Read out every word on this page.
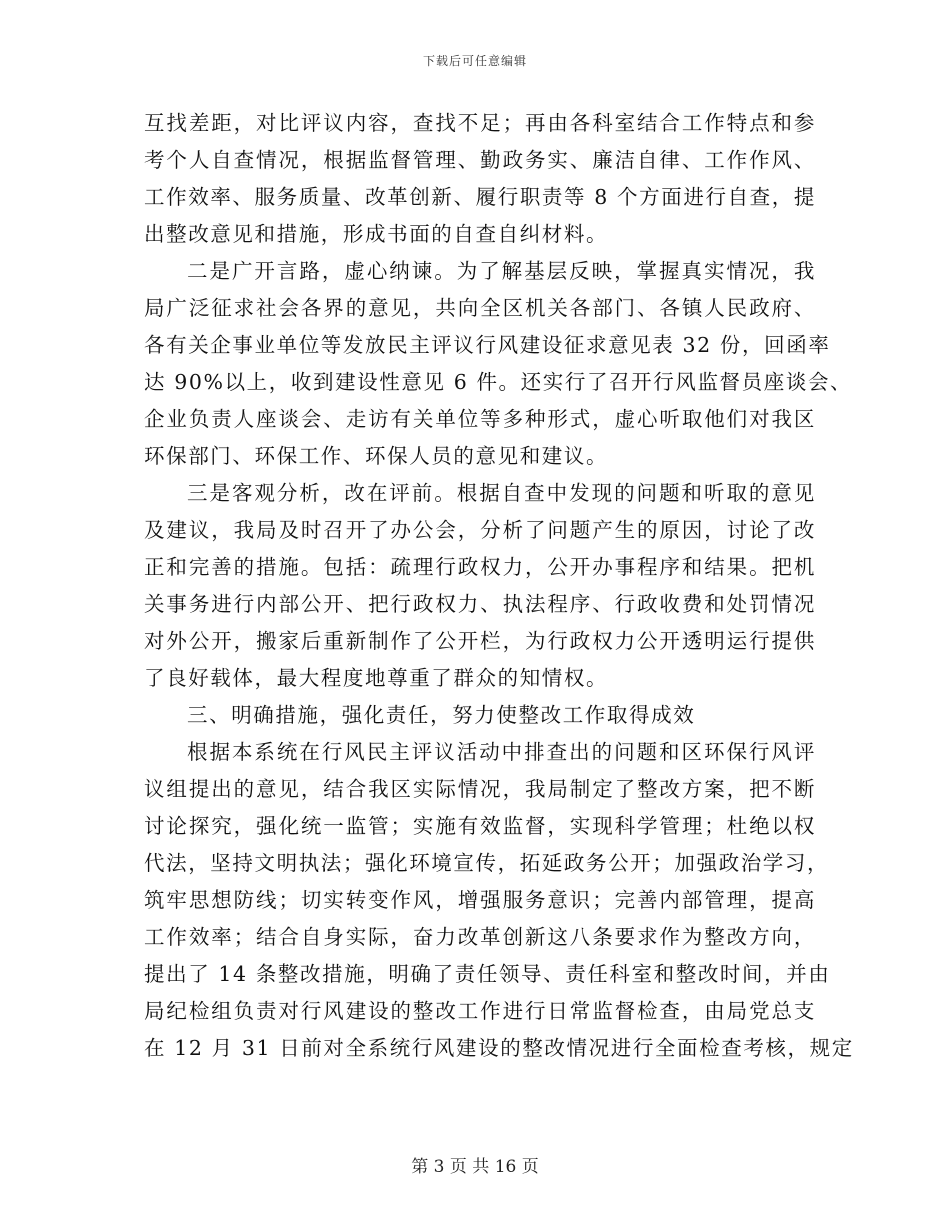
下载后可任意编辑
互找差距，对比评议内容，查找不足；再由各科室结合工作特点和参
考个人自查情况，根据监督管理、勤政务实、廉洁自律、工作作风、
工作效率、服务质量、改革创新、履行职责等 8 个方面进行自查，提
出整改意见和措施，形成书面的自查自纠材料。
二是广开言路，虚心纳谏。为了解基层反映，掌握真实情况，我
局广泛征求社会各界的意见，共向全区机关各部门、各镇人民政府、
各有关企事业单位等发放民主评议行风建设征求意见表 32 份，回函率
达 90%以上，收到建设性意见 6 件。还实行了召开行风监督员座谈会、
企业负责人座谈会、走访有关单位等多种形式，虚心听取他们对我区
环保部门、环保工作、环保人员的意见和建议。
三是客观分析，改在评前。根据自查中发现的问题和听取的意见
及建议，我局及时召开了办公会，分析了问题产生的原因，讨论了改
正和完善的措施。包括：疏理行政权力，公开办事程序和结果。把机
关事务进行内部公开、把行政权力、执法程序、行政收费和处罚情况
对外公开，搬家后重新制作了公开栏，为行政权力公开透明运行提供
了良好载体，最大程度地尊重了群众的知情权。
三、明确措施，强化责任，努力使整改工作取得成效
根据本系统在行风民主评议活动中排查出的问题和区环保行风评
议组提出的意见，结合我区实际情况，我局制定了整改方案，把不断
讨论探究，强化统一监管；实施有效监督，实现科学管理；杜绝以权
代法，坚持文明执法；强化环境宣传，拓延政务公开；加强政治学习，
筑牢思想防线；切实转变作风，增强服务意识；完善内部管理，提高
工作效率；结合自身实际，奋力改革创新这八条要求作为整改方向，
提出了 14 条整改措施，明确了责任领导、责任科室和整改时间，并由
局纪检组负责对行风建设的整改工作进行日常监督检查，由局党总支
在 12 月 31 日前对全系统行风建设的整改情况进行全面检查考核，规定
第 3 页 共 16 页
